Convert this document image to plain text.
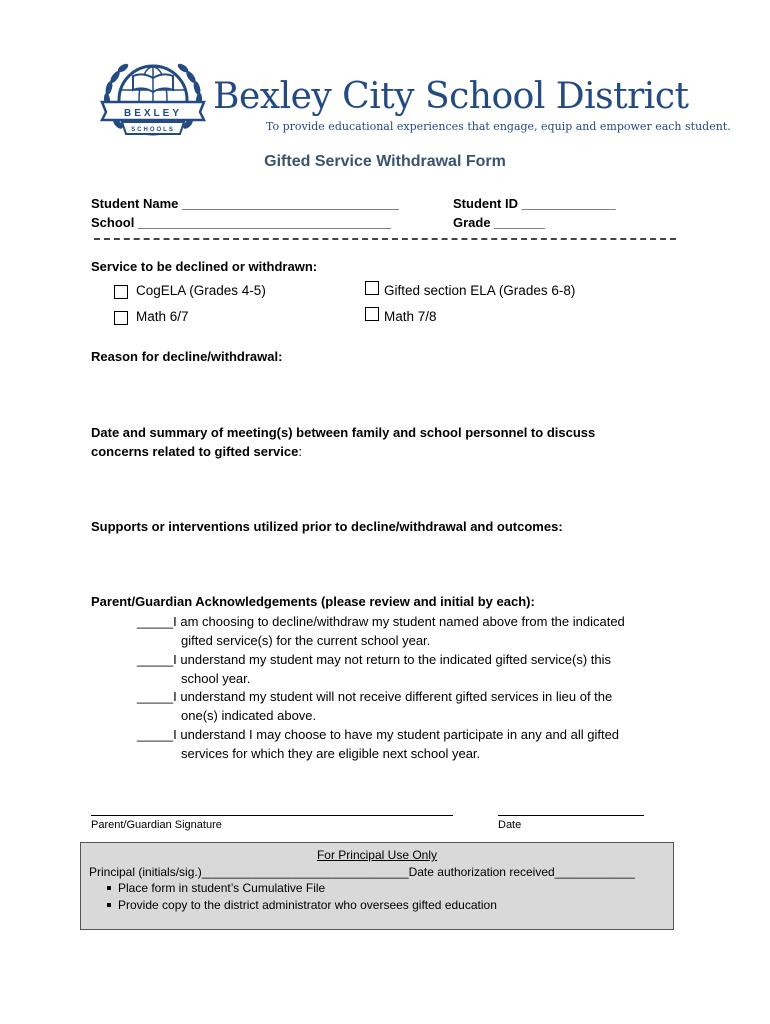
BEXLEY
SCHOOLS
Bexley City School District
To provide educational experiences that engage, equip and empower each student.
Gifted Service Withdrawal Form
Student Name ______________________________
School ___________________________________
Student ID _____________
Grade _______
Service to be declined or withdrawn:
CogELA (Grades 4-5)	Gifted section ELA (Grades 6-8)
Math 6/7	Math 7/8
Reason for decline/withdrawal:
Date and summary of meeting(s) between family and school personnel to discuss
concerns related to gifted service:
Supports or interventions utilized prior to decline/withdrawal and outcomes:
Parent/Guardian Acknowledgements (please review and initial by each):
_____I am choosing to decline/withdraw my student named above from the indicated
gifted service(s) for the current school year.
_____I understand my student may not return to the indicated gifted service(s) this
school year.
_____I understand my student will not receive different gifted services in lieu of the
one(s) indicated above.
_____I understand I may choose to have my student participate in any and all gifted
services for which they are eligible next school year.
Parent/Guardian Signature	Date
For Principal Use Only
Principal (initials/sig.)_______________________________Date authorization received____________
Place form in student’s Cumulative File
Provide copy to the district administrator who oversees gifted education
